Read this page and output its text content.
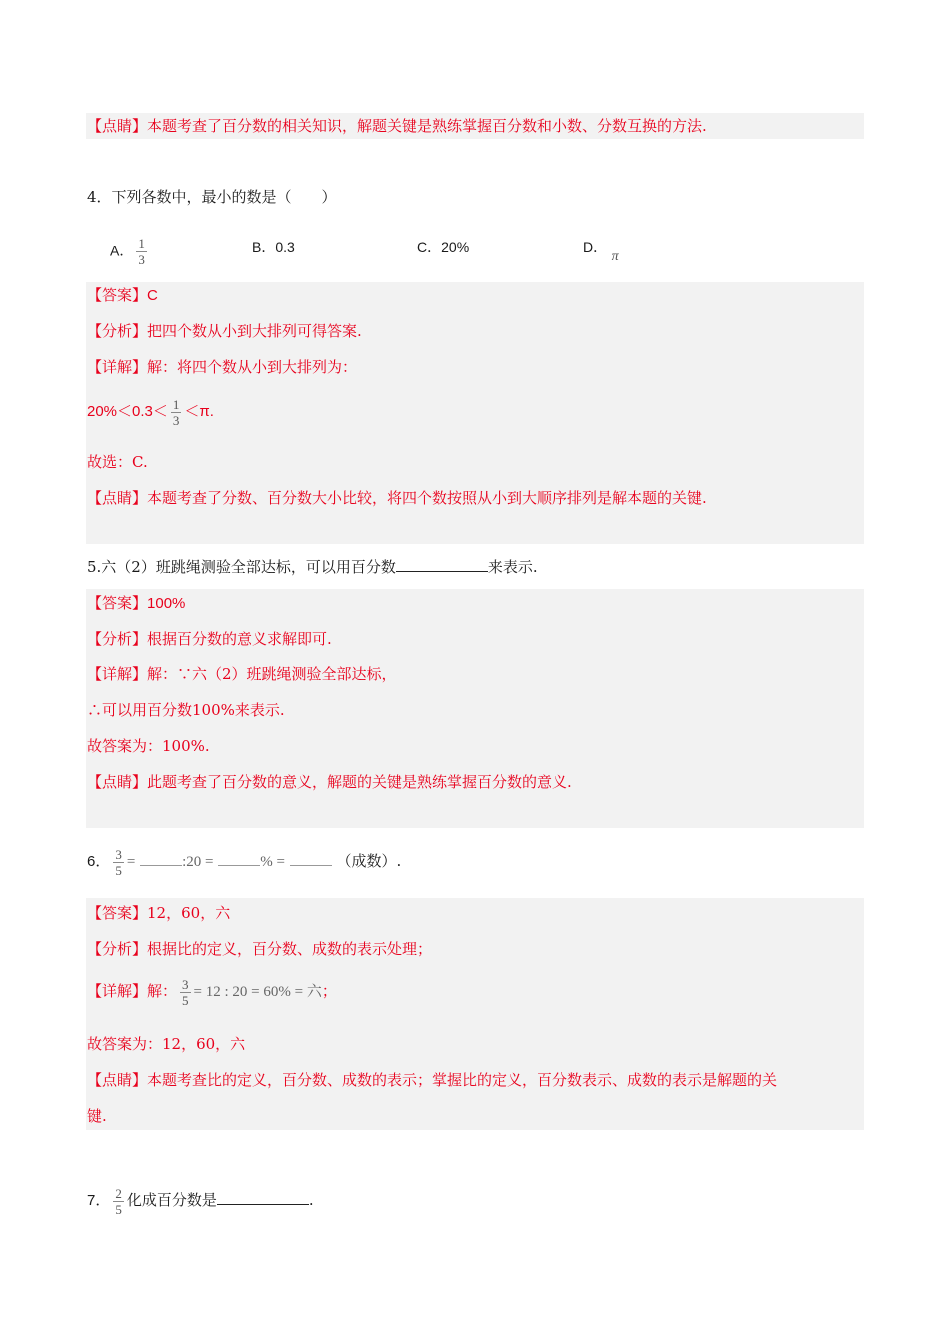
【点睛】本题考查了百分数的相关知识，解题关键是熟练掌握百分数和小数、分数互换的方法.
4．下列各数中，最小的数是（　　）
A． $\frac{1}{3}$	B．0.3	C．20%	D． π
【答案】C
【分析】把四个数从小到大排列可得答案.
【详解】解：将四个数从小到大排列为：
$20\%<0.3< \frac{1}{3} <\pi$.
故选：C.
【点睛】本题考查了分数、百分数大小比较，将四个数按照从小到大顺序排列是解本题的关键.
5.六（2）班跳绳测验全部达标，可以用百分数	来表示.
【答案】100%
【分析】根据百分数的意义求解即可.
【详解】解：∵六（2）班跳绳测验全部达标，
∴可以用百分数100%来表示.
故答案为：100%.
【点睛】此题考查了百分数的意义，解题的关键是熟练掌握百分数的意义.
6． $\frac{3}{5}$ =	:20 =	% =	（成数）.
【答案】12，60，六
【分析】根据比的定义，百分数、成数的表示处理；
【详解】解： $\frac{3}{5} = 12$ : 20 = 60% = 六；
故答案为：12，60，六
【点睛】本题考查比的定义，百分数、成数的表示；掌握比的定义，百分数表示、成数的表示是解题的关
键.
7． $\frac{2}{5}$ 化成百分数是	.
